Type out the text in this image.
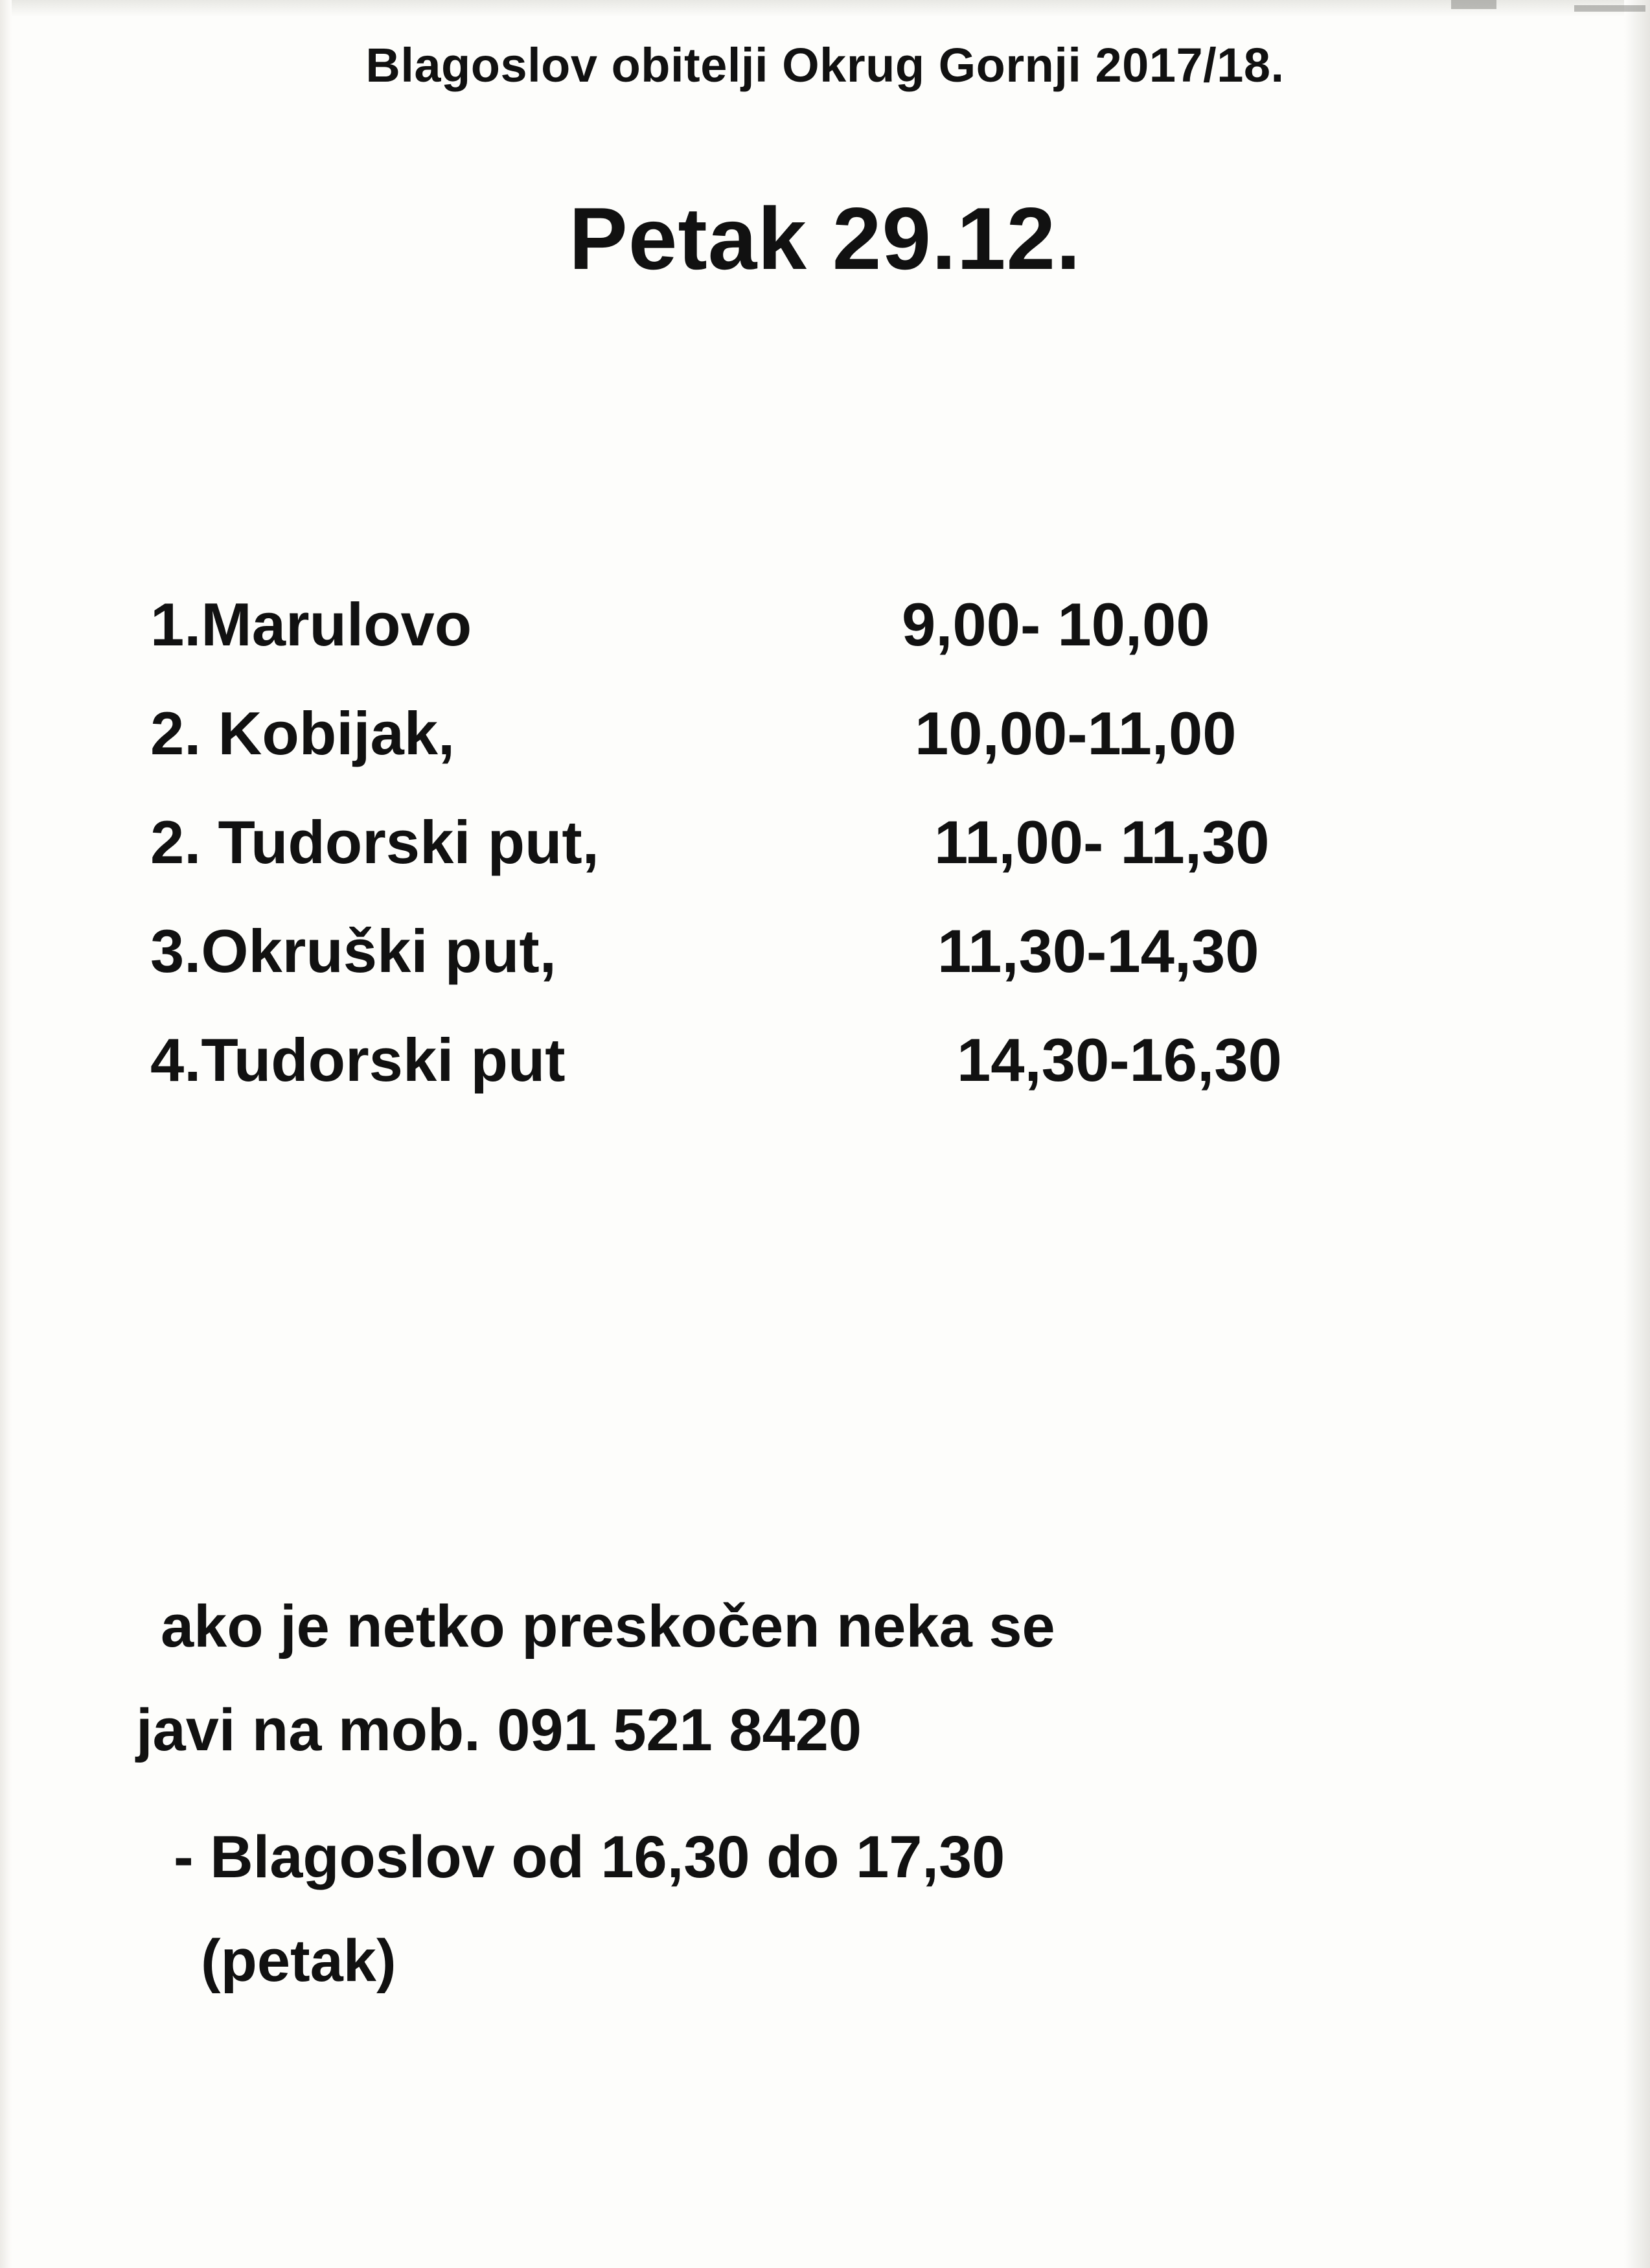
Blagoslov obitelji Okrug Gornji 2017/18.
Petak 29.12.
1.Marulovo	9,00- 10,00
2. Kobijak,	10,00-11,00
2. Tudorski put,	11,00- 11,30
3.Okruški put,	11,30-14,30
4.Tudorski put	14,30-16,30
ako je netko preskočen neka se
javi na mob. 091 521 8420
- Blagoslov od 16,30 do 17,30
(petak)
